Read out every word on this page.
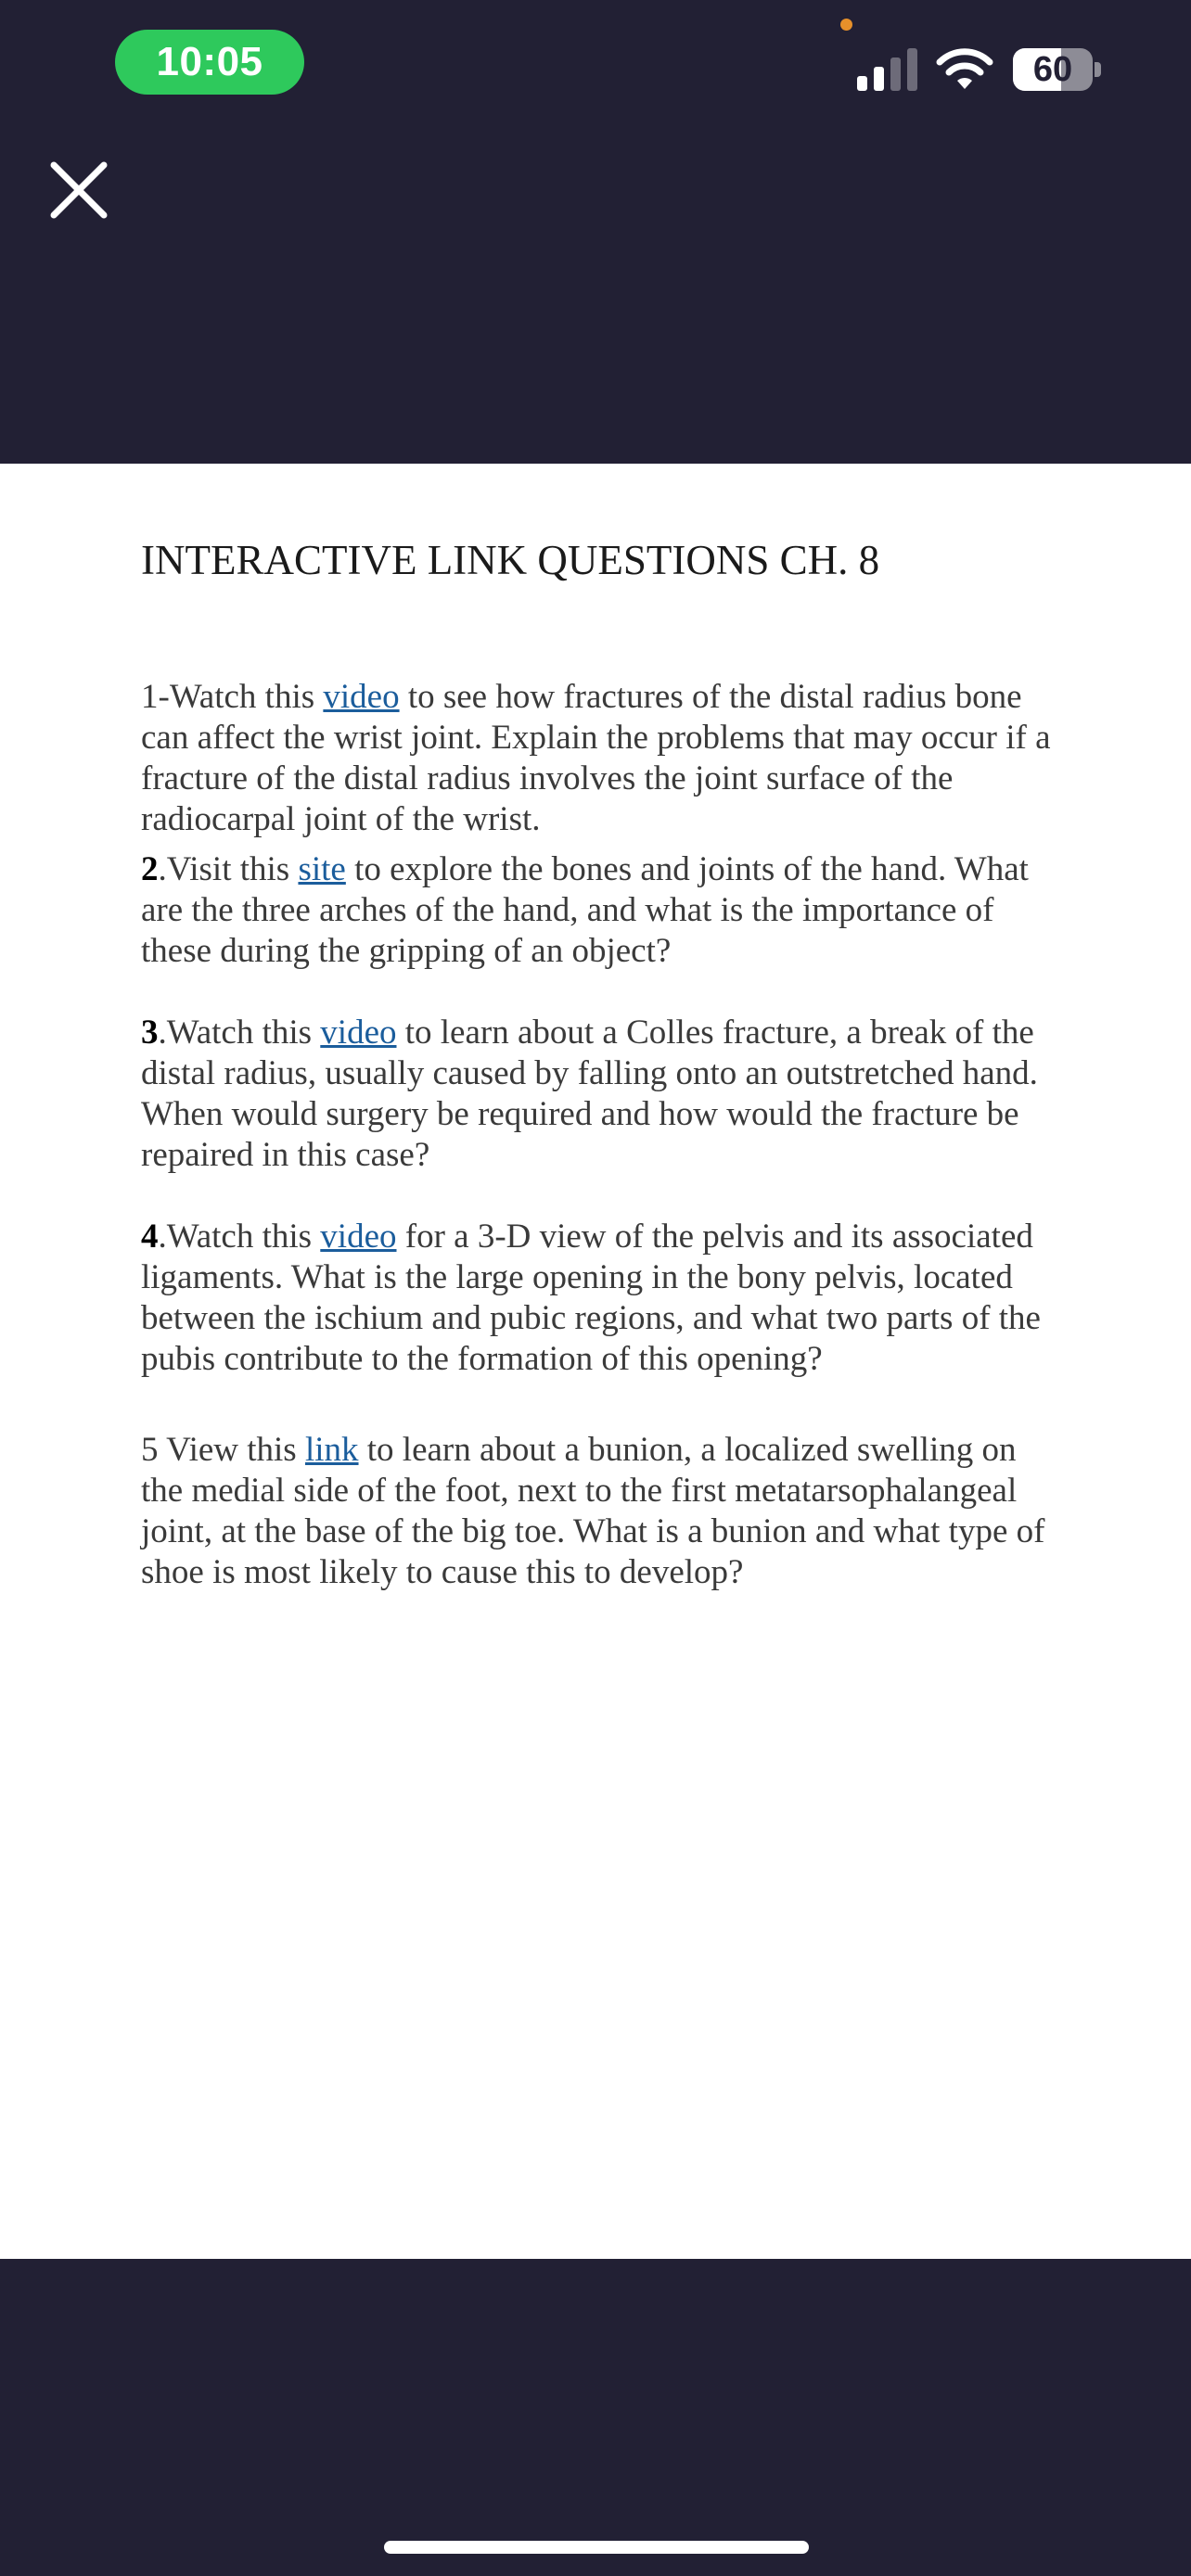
10:05	60
INTERACTIVE LINK QUESTIONS CH. 8

1-Watch this video to see how fractures of the distal radius bone can affect the wrist joint. Explain the problems that may occur if a fracture of the distal radius involves the joint surface of the radiocarpal joint of the wrist.

2.Visit this site to explore the bones and joints of the hand. What are the three arches of the hand, and what is the importance of these during the gripping of an object?

3.Watch this video to learn about a Colles fracture, a break of the distal radius, usually caused by falling onto an outstretched hand. When would surgery be required and how would the fracture be repaired in this case?

4.Watch this video for a 3-D view of the pelvis and its associated ligaments. What is the large opening in the bony pelvis, located between the ischium and pubic regions, and what two parts of the pubis contribute to the formation of this opening?

5 View this link to learn about a bunion, a localized swelling on the medial side of the foot, next to the first metatarsophalangeal joint, at the base of the big toe. What is a bunion and what type of shoe is most likely to cause this to develop?
